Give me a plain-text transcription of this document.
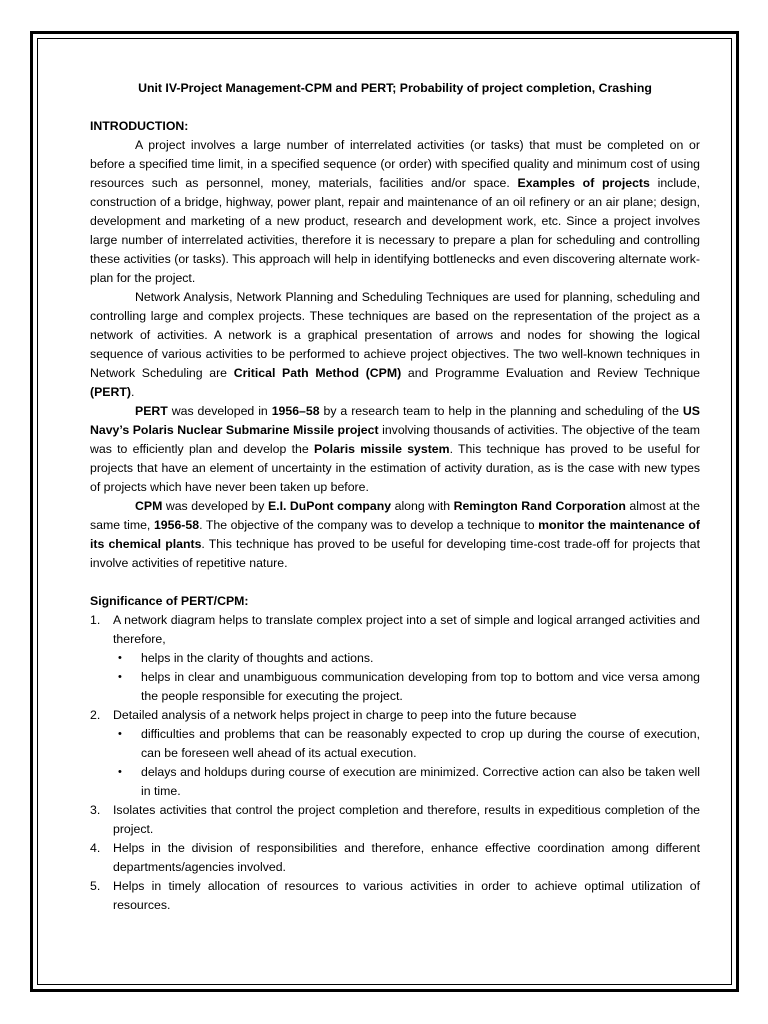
Unit IV-Project Management-CPM and PERT; Probability of project completion, Crashing
INTRODUCTION:

A project involves a large number of interrelated activities (or tasks) that must be completed on or before a specified time limit, in a specified sequence (or order) with specified quality and minimum cost of using resources such as personnel, money, materials, facilities and/or space. Examples of projects include, construction of a bridge, highway, power plant, repair and maintenance of an oil refinery or an air plane; design, development and marketing of a new product, research and development work, etc. Since a project involves large number of interrelated activities, therefore it is necessary to prepare a plan for scheduling and controlling these activities (or tasks). This approach will help in identifying bottlenecks and even discovering alternate work-plan for the project.

Network Analysis, Network Planning and Scheduling Techniques are used for planning, scheduling and controlling large and complex projects. These techniques are based on the representation of the project as a network of activities. A network is a graphical presentation of arrows and nodes for showing the logical sequence of various activities to be performed to achieve project objectives. The two well-known techniques in Network Scheduling are Critical Path Method (CPM) and Programme Evaluation and Review Technique (PERT).

PERT was developed in 1956–58 by a research team to help in the planning and scheduling of the US Navy’s Polaris Nuclear Submarine Missile project involving thousands of activities. The objective of the team was to efficiently plan and develop the Polaris missile system. This technique has proved to be useful for projects that have an element of uncertainty in the estimation of activity duration, as is the case with new types of projects which have never been taken up before.

CPM was developed by E.I. DuPont company along with Remington Rand Corporation almost at the same time, 1956-58. The objective of the company was to develop a technique to monitor the maintenance of its chemical plants. This technique has proved to be useful for developing time-cost trade-off for projects that involve activities of repetitive nature.

Significance of PERT/CPM:
1. A network diagram helps to translate complex project into a set of simple and logical arranged activities and therefore,
• helps in the clarity of thoughts and actions.
• helps in clear and unambiguous communication developing from top to bottom and vice versa among the people responsible for executing the project.
2. Detailed analysis of a network helps project in charge to peep into the future because
• difficulties and problems that can be reasonably expected to crop up during the course of execution, can be foreseen well ahead of its actual execution.
• delays and holdups during course of execution are minimized. Corrective action can also be taken well in time.
3. Isolates activities that control the project completion and therefore, results in expeditious completion of the project.
4. Helps in the division of responsibilities and therefore, enhance effective coordination among different departments/agencies involved.
5. Helps in timely allocation of resources to various activities in order to achieve optimal utilization of resources.
